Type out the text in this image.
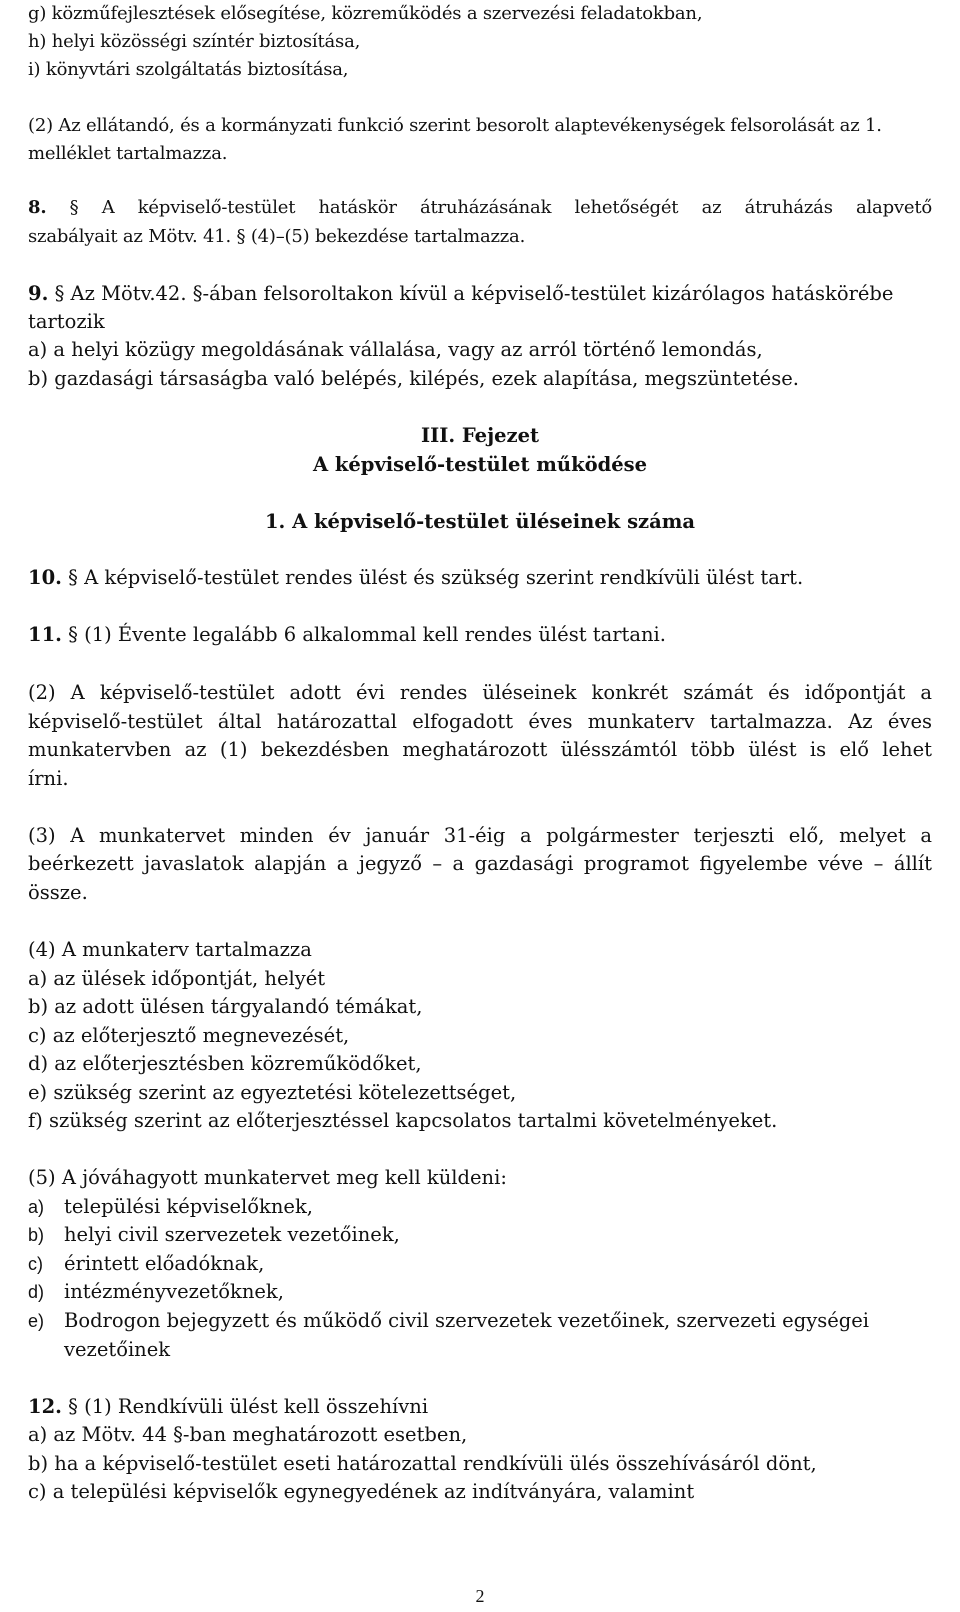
g) közműfejlesztések elősegítése, közreműködés a szervezési feladatokban,
h) helyi közösségi színtér biztosítása,
i) könyvtári szolgáltatás biztosítása,
(2) Az ellátandó, és a kormányzati funkció szerint besorolt alaptevékenységek felsorolását az 1.
melléklet tartalmazza.
8. § A képviselő-testület hatáskör átruházásának lehetőségét az átruházás alapvető
szabályait az Mötv. 41. § (4)–(5) bekezdése tartalmazza.
9. § Az Mötv.42. §-ában felsoroltakon kívül a képviselő-testület kizárólagos hatáskörébe
tartozik
a) a helyi közügy megoldásának vállalása, vagy az arról történő lemondás,
b) gazdasági társaságba való belépés, kilépés, ezek alapítása, megszüntetése.
III. Fejezet
A képviselő-testület működése
1. A képviselő-testület üléseinek száma
10. § A képviselő-testület rendes ülést és szükség szerint rendkívüli ülést tart.
11. § (1) Évente legalább 6 alkalommal kell rendes ülést tartani.
(2) A képviselő-testület adott évi rendes üléseinek konkrét számát és időpontját a
képviselő-testület által határozattal elfogadott éves munkaterv tartalmazza. Az éves
munkatervben az (1) bekezdésben meghatározott ülésszámtól több ülést is elő lehet
írni.
(3) A munkatervet minden év január 31-éig a polgármester terjeszti elő, melyet a
beérkezett javaslatok alapján a jegyző – a gazdasági programot figyelembe véve – állít
össze.
(4) A munkaterv tartalmazza
a) az ülések időpontját, helyét
b) az adott ülésen tárgyalandó témákat,
c) az előterjesztő megnevezését,
d) az előterjesztésben közreműködőket,
e) szükség szerint az egyeztetési kötelezettséget,
f) szükség szerint az előterjesztéssel kapcsolatos tartalmi követelményeket.
(5) A jóváhagyott munkatervet meg kell küldeni:
a) települési képviselőknek,
b) helyi civil szervezetek vezetőinek,
c) érintett előadóknak,
d) intézményvezetőknek,
e) Bodrogon bejegyzett és működő civil szervezetek vezetőinek, szervezeti egységei
vezetőinek
12. § (1) Rendkívüli ülést kell összehívni
a) az Mötv. 44 §-ban meghatározott esetben,
b) ha a képviselő-testület eseti határozattal rendkívüli ülés összehívásáról dönt,
c) a települési képviselők egynegyedének az indítványára, valamint
2
